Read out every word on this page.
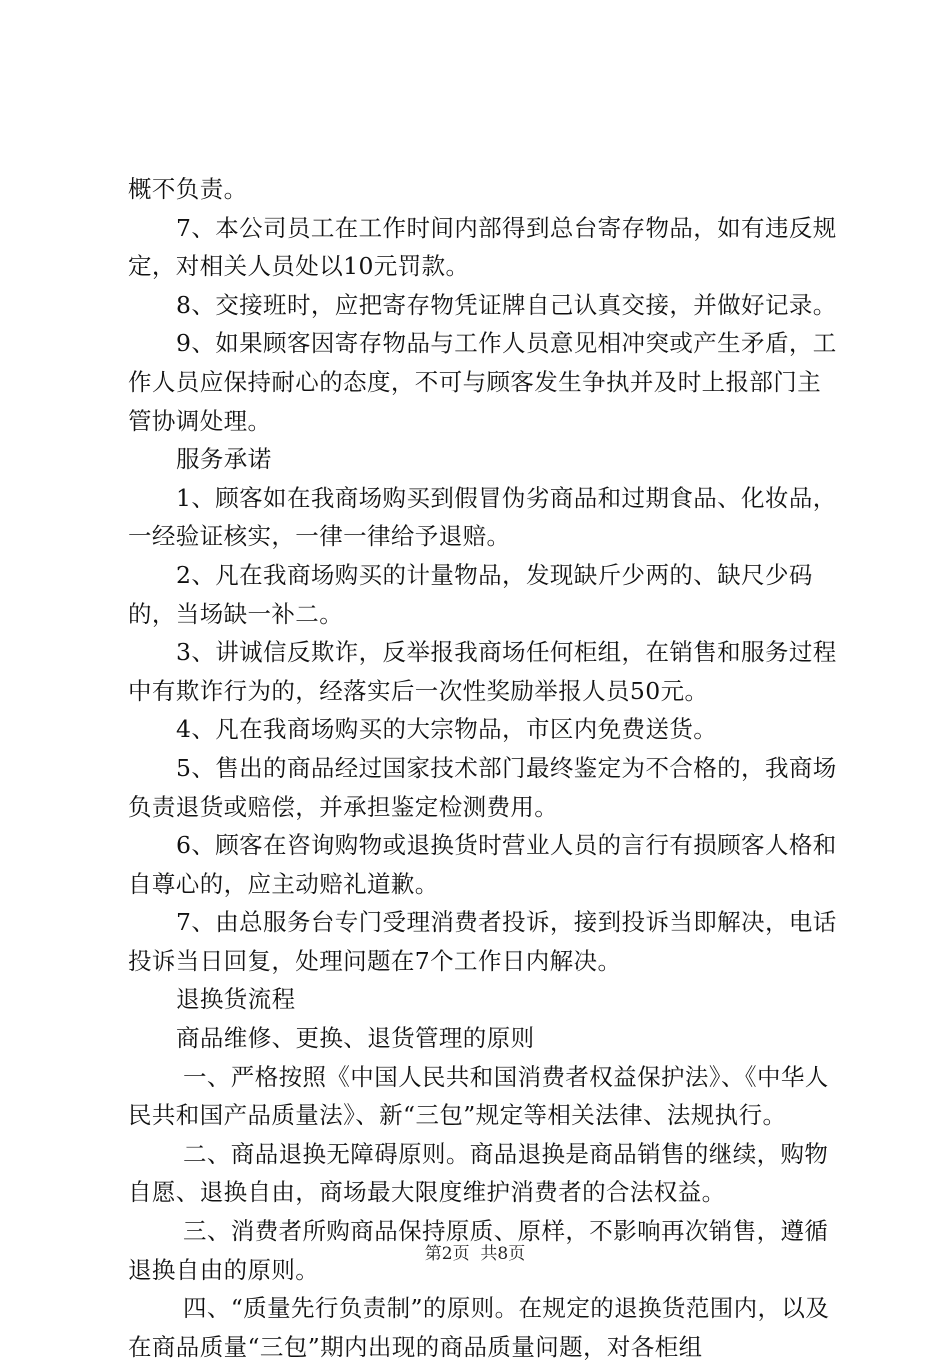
概不负责。

7、本公司员工在工作时间内部得到总台寄存物品，如有违反规定，对相关人员处以10元罚款。

8、交接班时，应把寄存物凭证牌自己认真交接，并做好记录。

9、如果顾客因寄存物品与工作人员意见相冲突或产生矛盾，工作人员应保持耐心的态度，不可与顾客发生争执并及时上报部门主管协调处理。

服务承诺

1、顾客如在我商场购买到假冒伪劣商品和过期食品、化妆品，一经验证核实，一律一律给予退赔。

2、凡在我商场购买的计量物品，发现缺斤少两的、缺尺少码的，当场缺一补二。

3、讲诚信反欺诈，反举报我商场任何柜组，在销售和服务过程中有欺诈行为的，经落实后一次性奖励举报人员50元。

4、凡在我商场购买的大宗物品，市区内免费送货。

5、售出的商品经过国家技术部门最终鉴定为不合格的，我商场负责退货或赔偿，并承担鉴定检测费用。

6、顾客在咨询购物或退换货时营业人员的言行有损顾客人格和自尊心的，应主动赔礼道歉。

7、由总服务台专门受理消费者投诉，接到投诉当即解决，电话投诉当日回复，处理问题在7个工作日内解决。

退换货流程

商品维修、更换、退货管理的原则

一、严格按照《中国人民共和国消费者权益保护法》、《中华人民共和国产品质量法》、新“三包”规定等相关法律、法规执行。

二、商品退换无障碍原则。商品退换是商品销售的继续，购物自愿、退换自由，商场最大限度维护消费者的合法权益。

三、消费者所购商品保持原质、原样，不影响再次销售，遵循退换自由的原则。

四、“质量先行负责制”的原则。在规定的退换货范围内，以及在商品质量“三包”期内出现的商品质量问题，对各柜组

第2页  共8页
